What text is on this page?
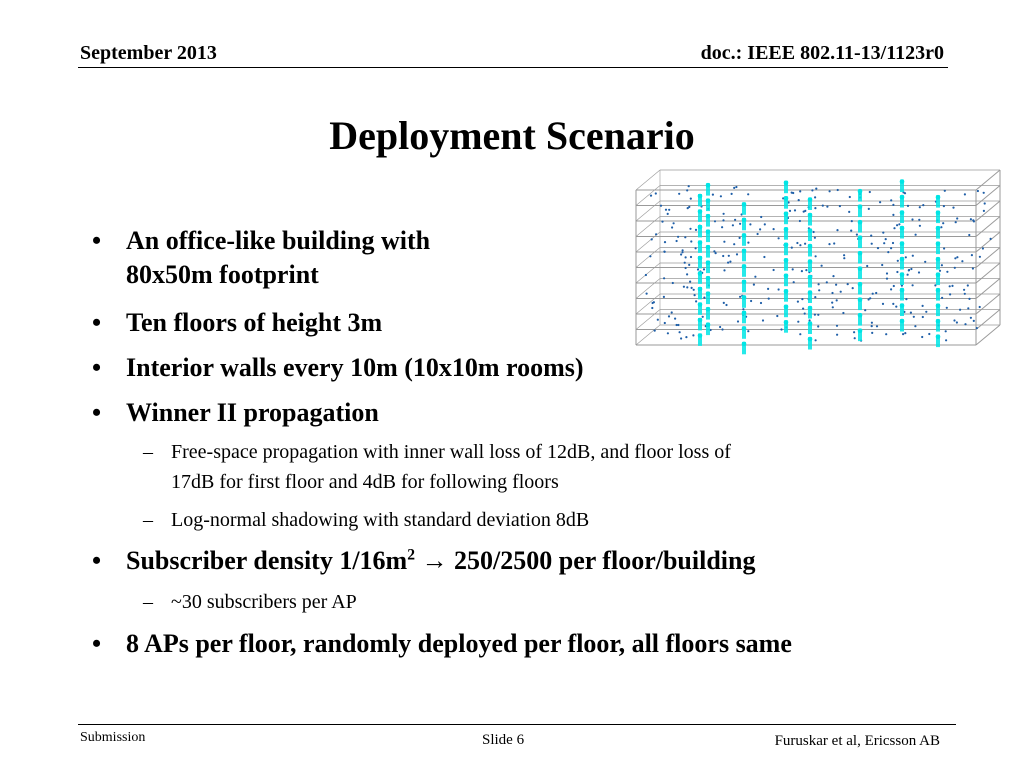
September 2013	doc.: IEEE 802.11-13/1123r0
Deployment Scenario
• An office-like building with
80x50m footprint
• Ten floors of height 3m
• Interior walls every 10m (10x10m rooms)
• Winner II propagation
– Free-space propagation with inner wall loss of 12dB, and floor loss of
17dB for first floor and 4dB for following floors
– Log-normal shadowing with standard deviation 8dB
• Subscriber density $1/16m^2 \to 250/2500$ per floor/building
– ~30 subscribers per AP
• 8 APs per floor, randomly deployed per floor, all floors same
Submission	Slide 6	Furuskar et al, Ericsson AB
